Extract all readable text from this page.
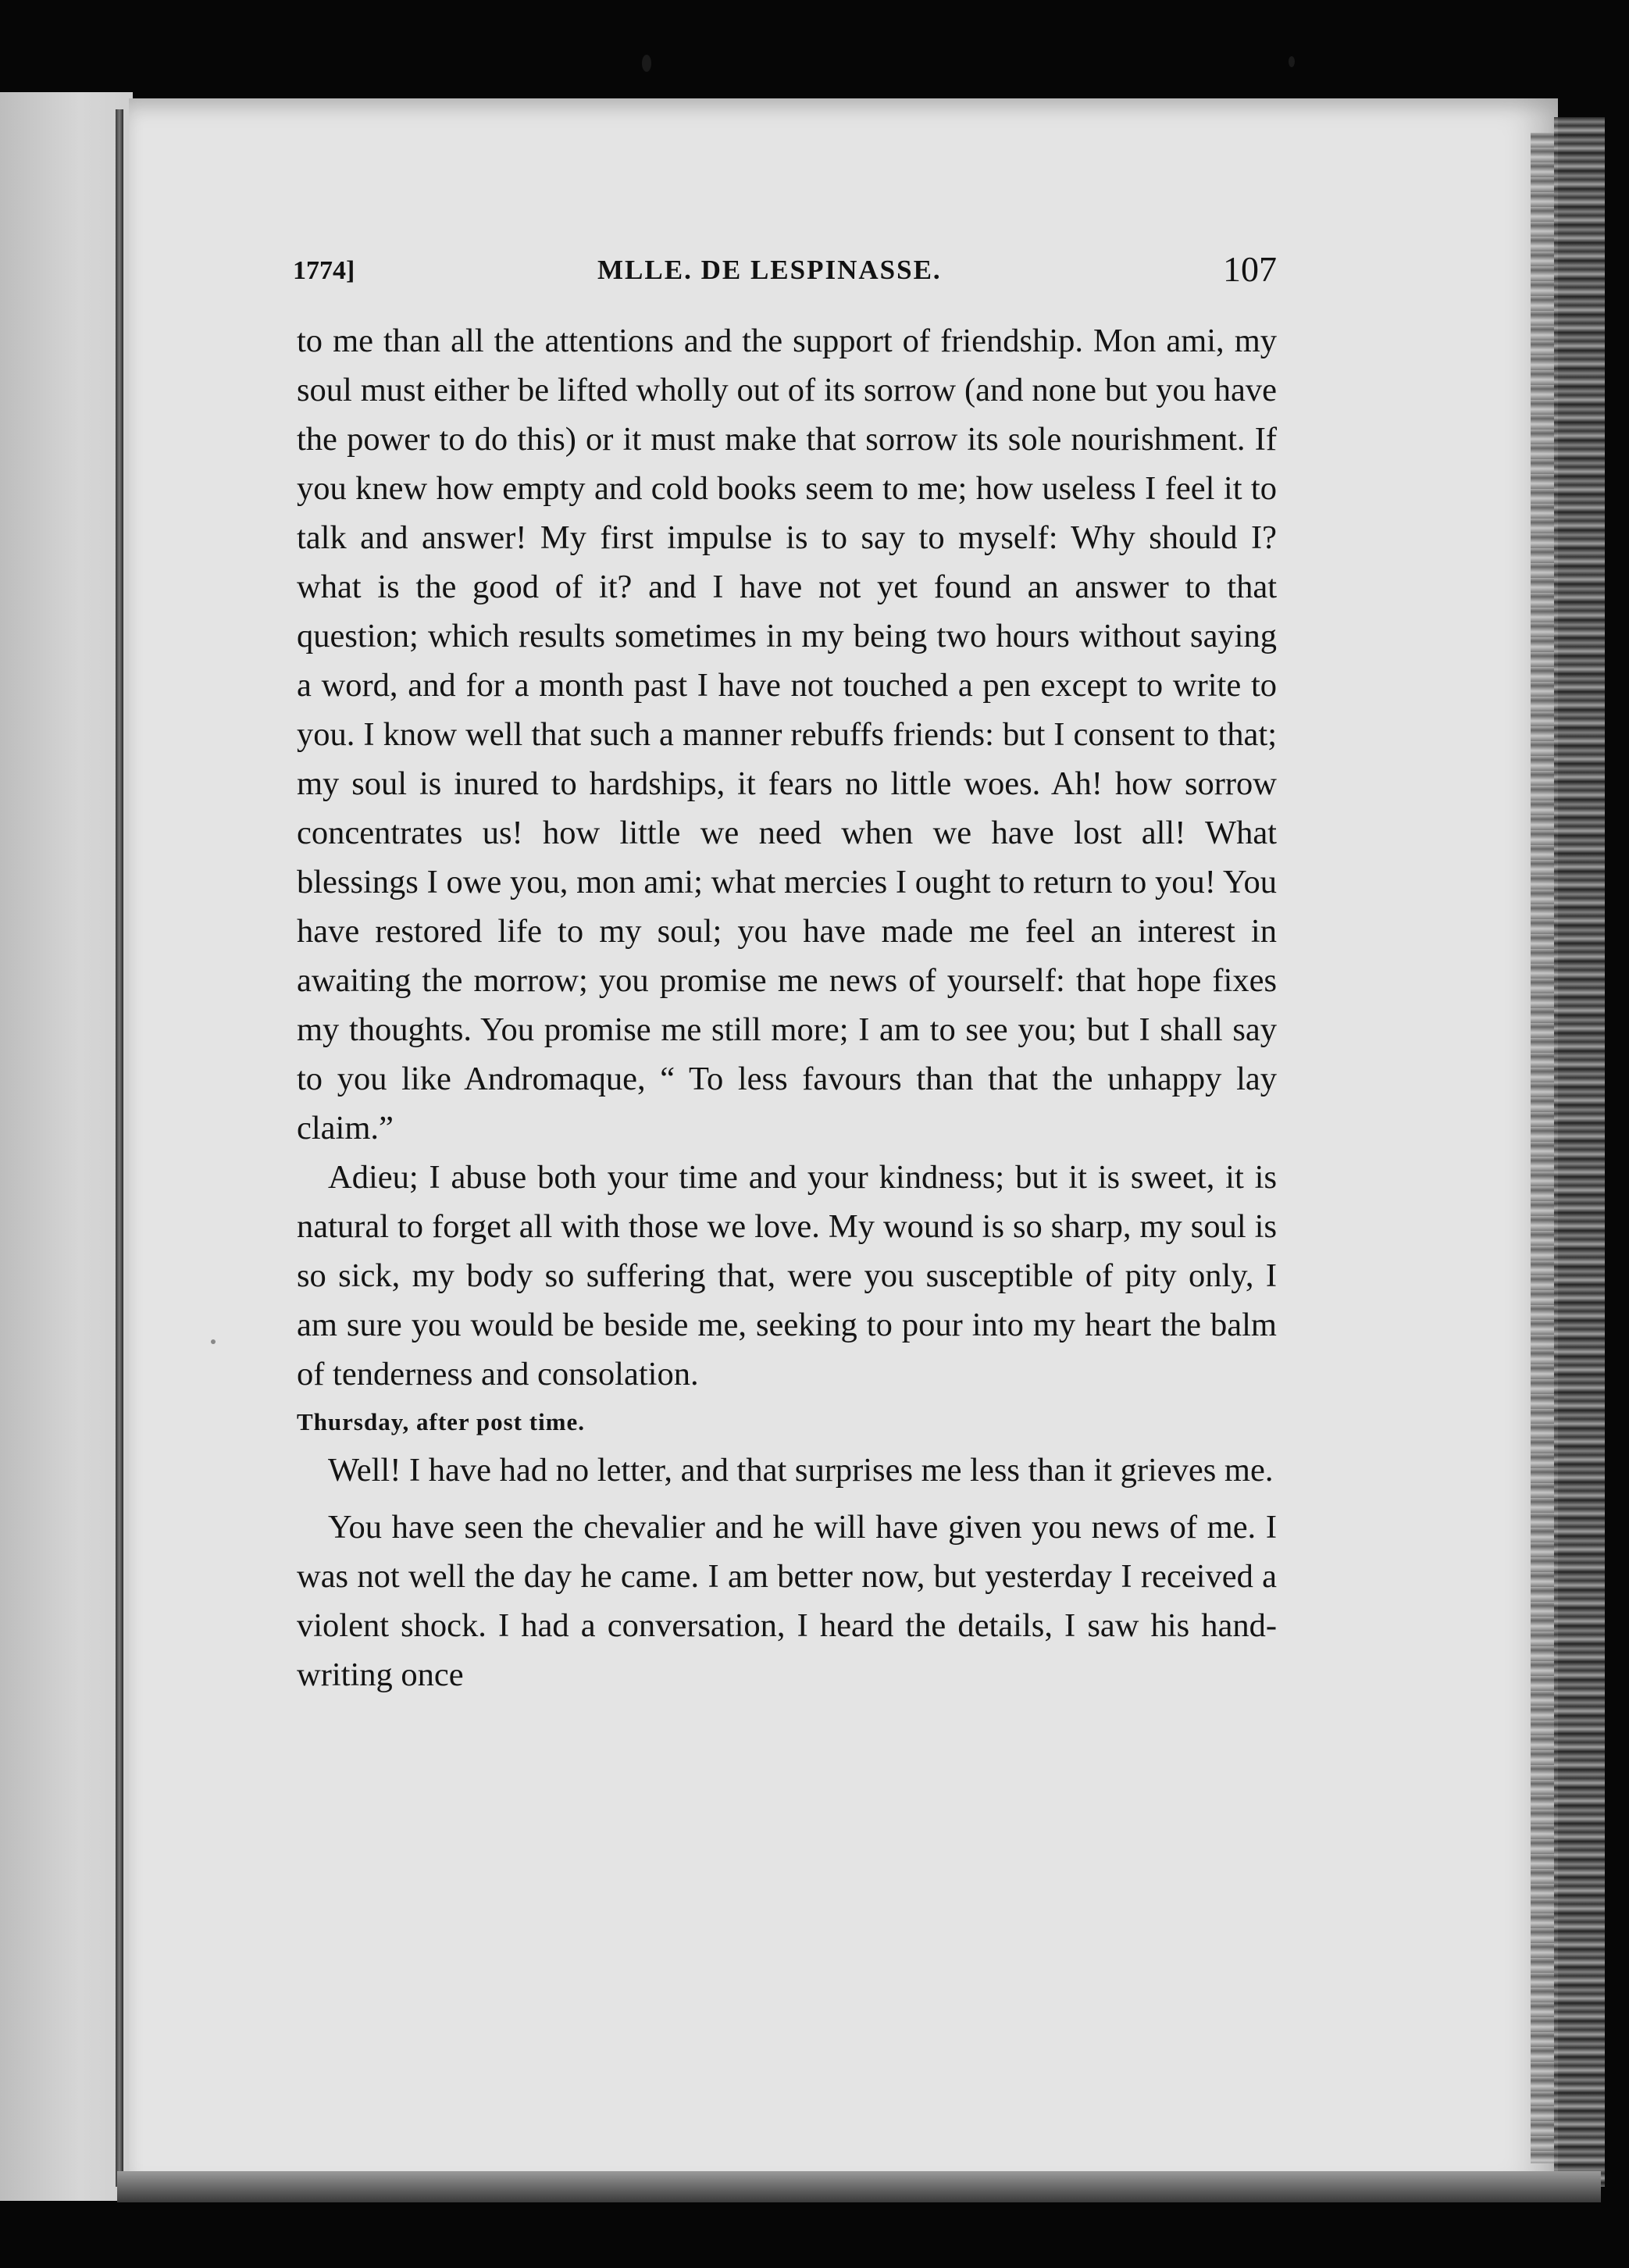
1774]	MLLE. DE LESPINASSE.	107

to me than all the attentions and the support of friendship. Mon ami, my soul must either be lifted wholly out of its sorrow (and none but you have the power to do this) or it must make that sorrow its sole nourishment. If you knew how empty and cold books seem to me; how useless I feel it to talk and answer! My first impulse is to say to myself: Why should I? what is the good of it? and I have not yet found an answer to that question; which results sometimes in my being two hours without saying a word, and for a month past I have not touched a pen except to write to you. I know well that such a manner rebuffs friends: but I consent to that; my soul is inured to hardships, it fears no little woes. Ah! how sorrow concentrates us! how little we need when we have lost all! What blessings I owe you, mon ami; what mercies I ought to return to you! You have restored life to my soul; you have made me feel an interest in awaiting the morrow; you promise me news of yourself: that hope fixes my thoughts. You promise me still more; I am to see you; but I shall say to you like Andromaque, “ To less favours than that the unhappy lay claim.”

Adieu; I abuse both your time and your kindness; but it is sweet, it is natural to forget all with those we love. My wound is so sharp, my soul is so sick, my body so suffering that, were you susceptible of pity only, I am sure you would be beside me, seeking to pour into my heart the balm of tenderness and consolation.

Thursday, after post time.

Well! I have had no letter, and that surprises me less than it grieves me.

You have seen the chevalier and he will have given you news of me. I was not well the day he came. I am better now, but yesterday I received a violent shock. I had a conversation, I heard the details, I saw his hand-writing once
